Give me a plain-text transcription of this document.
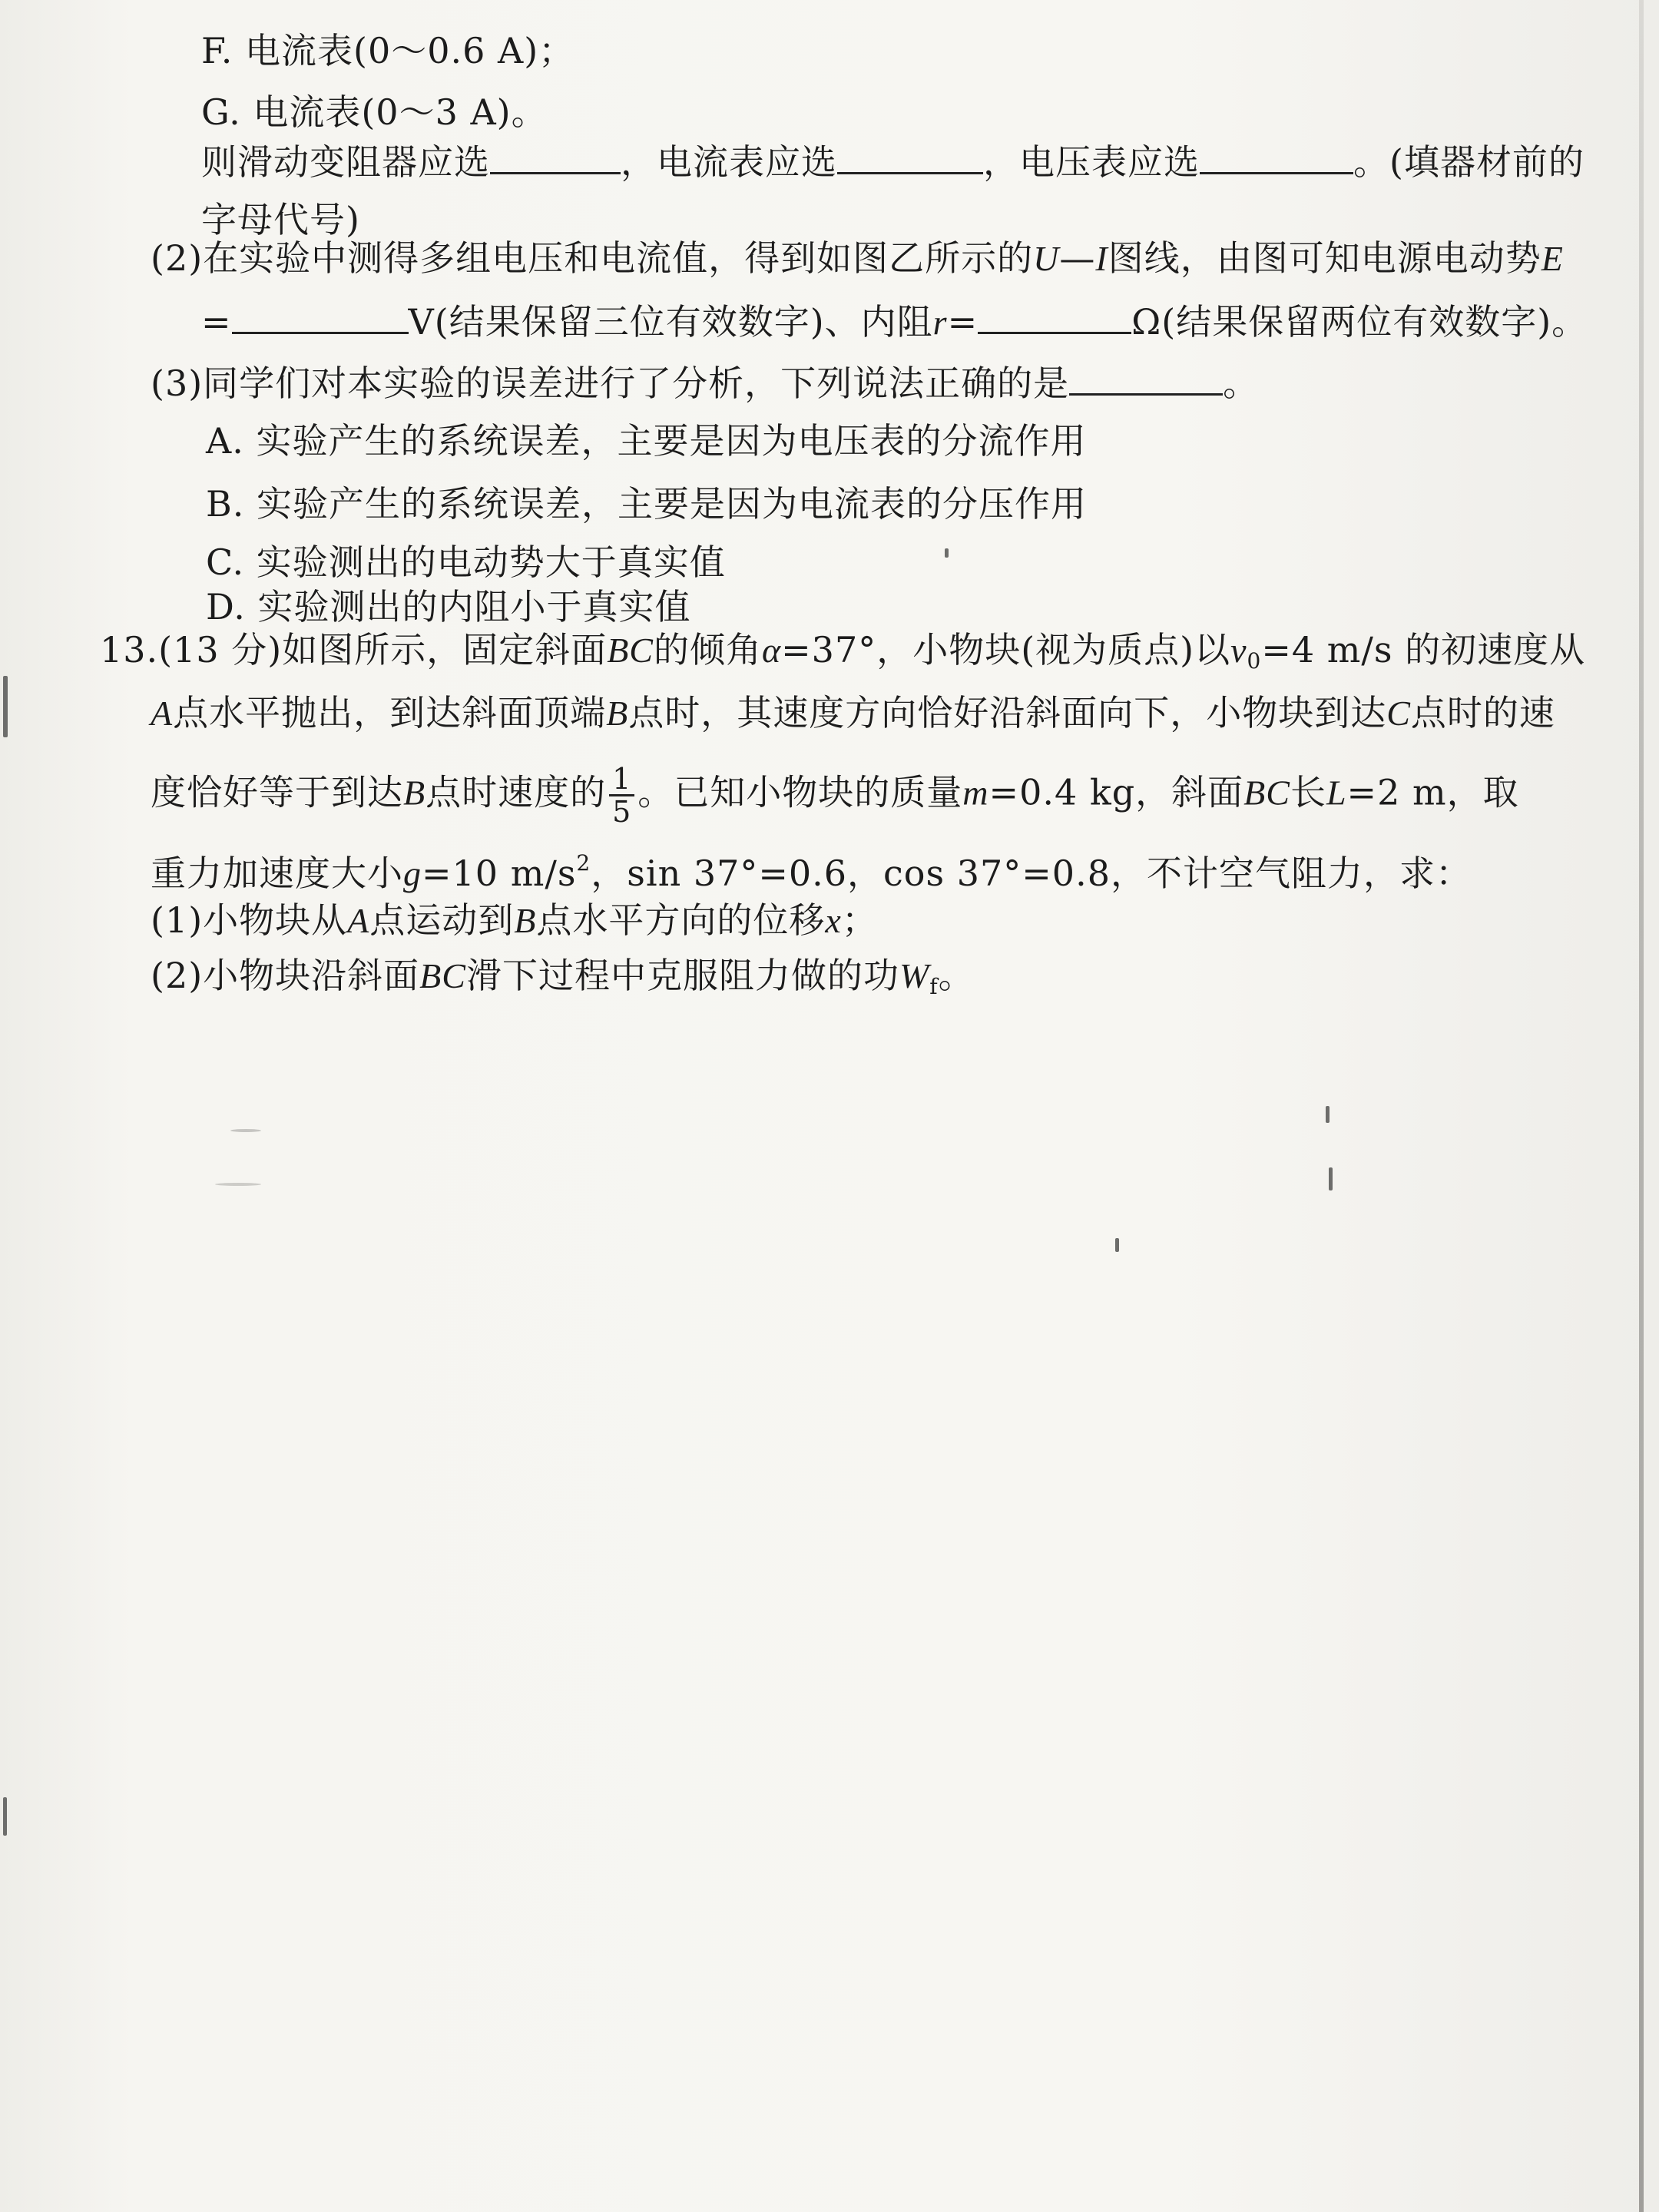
F. 电流表(0～0.6 A)；
G. 电流表(0～3 A)。
则滑动变阻器应选	，电流表应选	，电压表应选	。(填器材前的
字母代号)
(2)在实验中测得多组电压和电流值，得到如图乙所示的U—I图线，由图可知电源电动势E
=	V(结果保留三位有效数字)、内阻r=	Ω(结果保留两位有效数字)。
(3)同学们对本实验的误差进行了分析，下列说法正确的是	。
A. 实验产生的系统误差，主要是因为电压表的分流作用
B. 实验产生的系统误差，主要是因为电流表的分压作用
C. 实验测出的电动势大于真实值
D. 实验测出的内阻小于真实值
13.(13 分)如图所示，固定斜面BC的倾角α=37°，小物块(视为质点)以$v_0=4$ m/s 的初速度从
A点水平抛出，到达斜面顶端B点时，其速度方向恰好沿斜面向下，小物块到达C点时的速
度恰好等于到达B点时速度的 $\frac{1}{5}$ 。已知小物块的质量m=0.4 kg，斜面BC长L=2 m，取
重力加速度大小g=10 $m/s^2$，sin 37°=0.6，cos 37°=0.8，不计空气阻力，求：
(1)小物块从A点运动到B点水平方向的位移x；
(2)小物块沿斜面BC滑下过程中克服阻力做的功$W_f$。
